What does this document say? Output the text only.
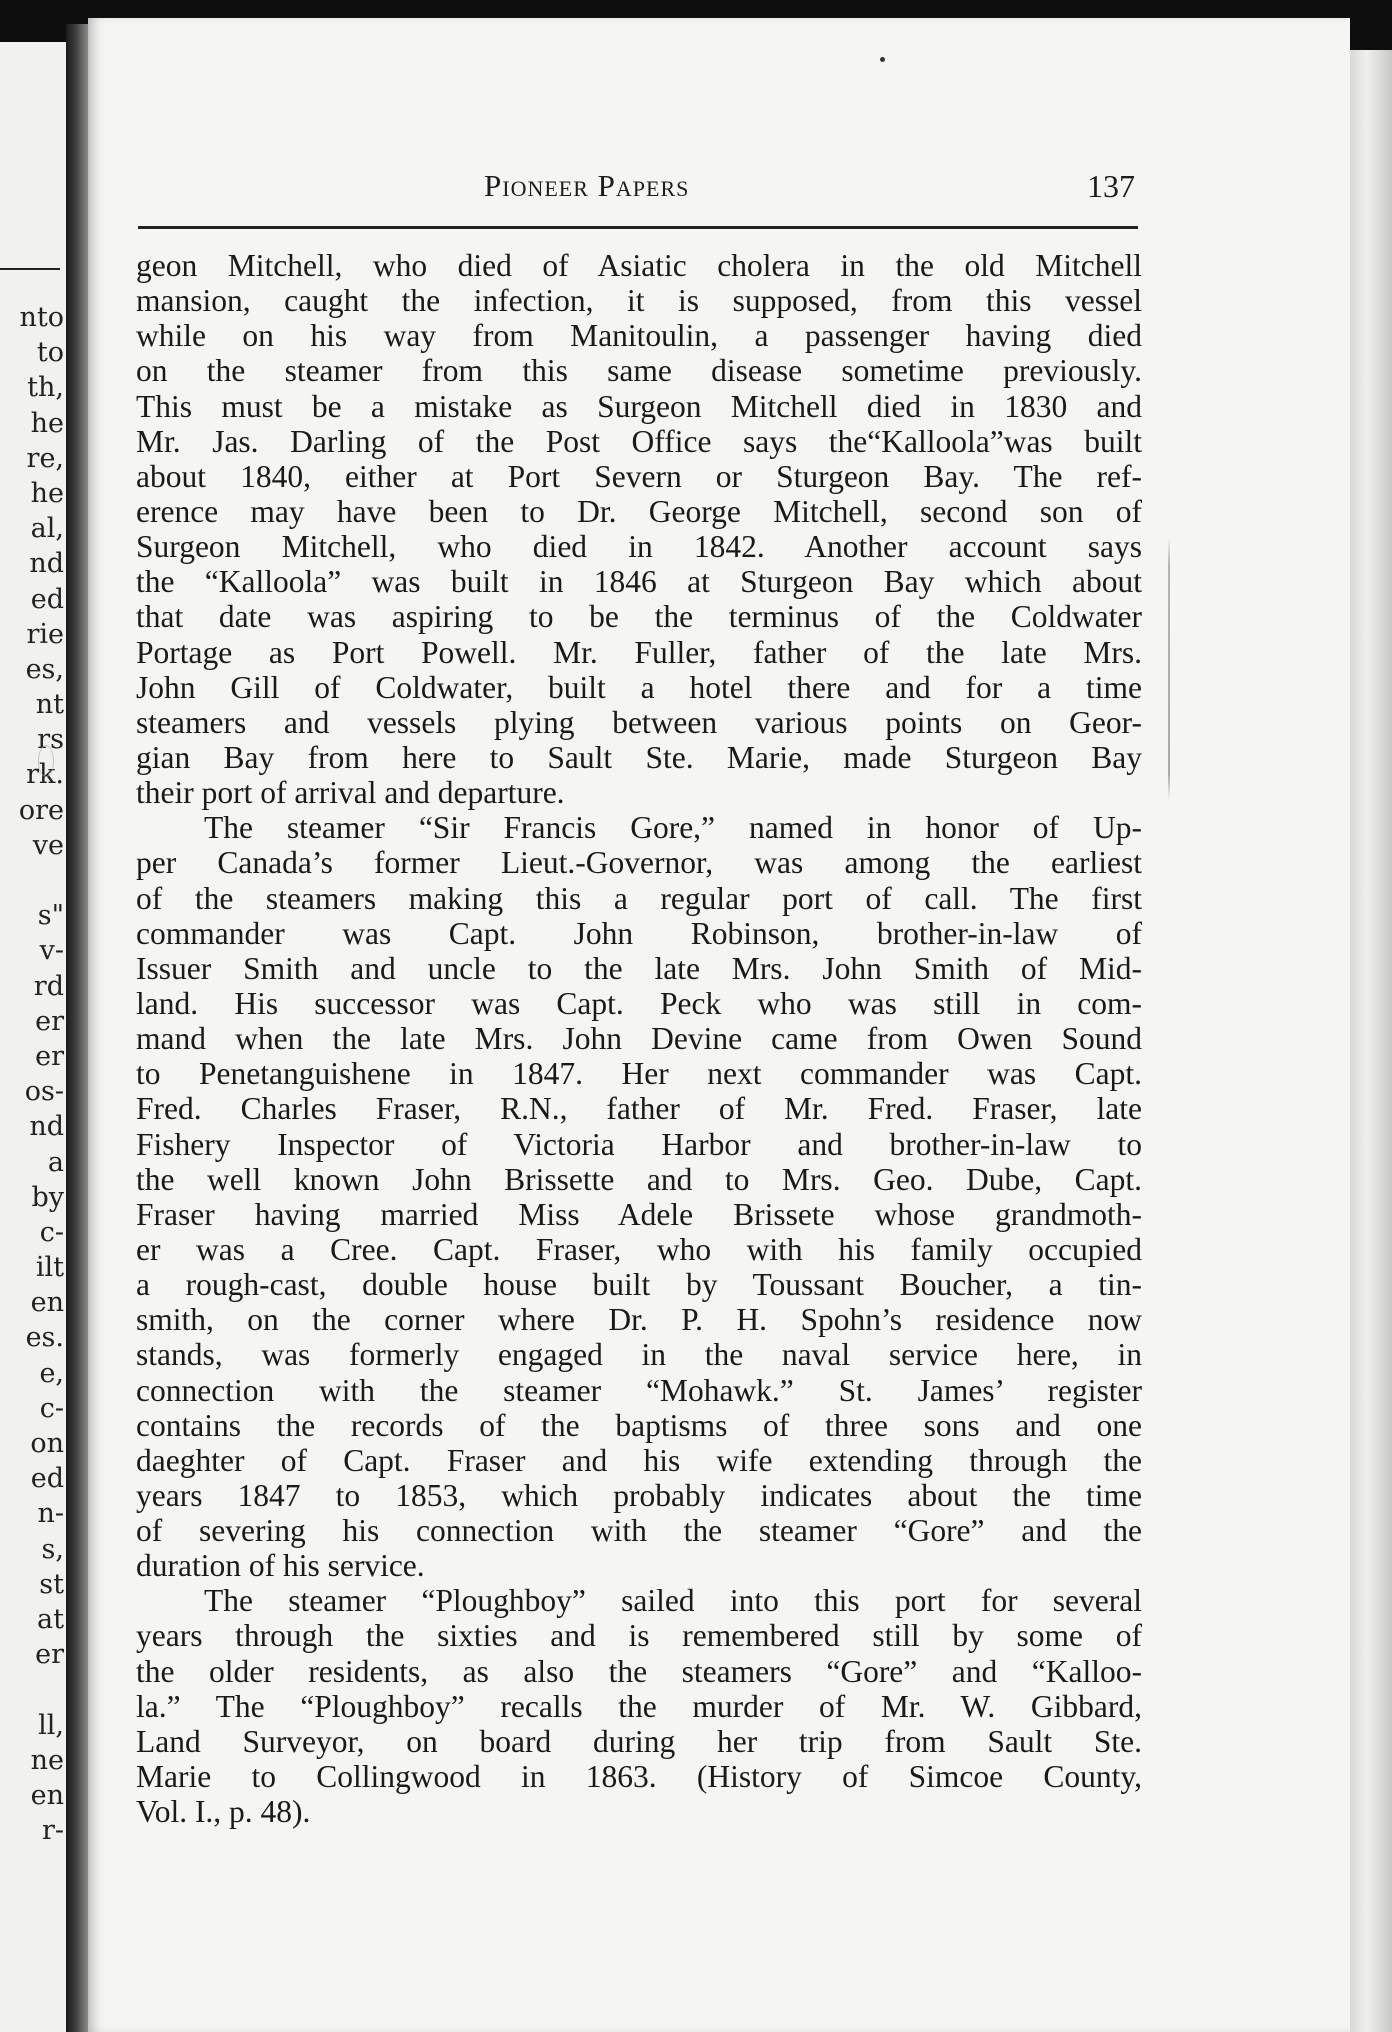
nto
to
th,
he
re,
he
al,
nd
ed
rie
es,
nt
rs
rk.
ore
ve
s"
v-
rd
er
er
os-
nd
a
by
c-
ilt
en
es.
e,
c-
on
ed
n-
s,
st
at
er
ll,
ne
en
r-
Pioneer Papers	137
geon Mitchell, who died of Asiatic cholera in the old Mitchell
mansion, caught the infection, it is supposed, from this vessel
while on his way from Manitoulin, a passenger having died
on the steamer from this same disease sometime previously.
This must be a mistake as Surgeon Mitchell died in 1830 and
Mr. Jas. Darling of the Post Office says the“Kalloola”was built
about 1840, either at Port Severn or Sturgeon Bay. The ref-
erence may have been to Dr. George Mitchell, second son of
Surgeon Mitchell, who died in 1842. Another account says
the “Kalloola” was built in 1846 at Sturgeon Bay which about
that date was aspiring to be the terminus of the Coldwater
Portage as Port Powell. Mr. Fuller, father of the late Mrs.
John Gill of Coldwater, built a hotel there and for a time
steamers and vessels plying between various points on Geor-
gian Bay from here to Sault Ste. Marie, made Sturgeon Bay
their port of arrival and departure.
The steamer “Sir Francis Gore,” named in honor of Up-
per Canada’s former Lieut.-Governor, was among the earliest
of the steamers making this a regular port of call. The first
commander was Capt. John Robinson, brother-in-law of
Issuer Smith and uncle to the late Mrs. John Smith of Mid-
land. His successor was Capt. Peck who was still in com-
mand when the late Mrs. John Devine came from Owen Sound
to Penetanguishene in 1847. Her next commander was Capt.
Fred. Charles Fraser, R.N., father of Mr. Fred. Fraser, late
Fishery Inspector of Victoria Harbor and brother-in-law to
the well known John Brissette and to Mrs. Geo. Dube, Capt.
Fraser having married Miss Adele Brissete whose grandmoth-
er was a Cree. Capt. Fraser, who with his family occupied
a rough-cast, double house built by Toussant Boucher, a tin-
smith, on the corner where Dr. P. H. Spohn’s residence now
stands, was formerly engaged in the naval service here, in
connection with the steamer “Mohawk.” St. James’ register
contains the records of the baptisms of three sons and one
daeghter of Capt. Fraser and his wife extending through the
years 1847 to 1853, which probably indicates about the time
of severing his connection with the steamer “Gore” and the
duration of his service.
The steamer “Ploughboy” sailed into this port for several
years through the sixties and is remembered still by some of
the older residents, as also the steamers “Gore” and “Kalloo-
la.” The “Ploughboy” recalls the murder of Mr. W. Gibbard,
Land Surveyor, on board during her trip from Sault Ste.
Marie to Collingwood in 1863. (History of Simcoe County,
Vol. I., p. 48).
